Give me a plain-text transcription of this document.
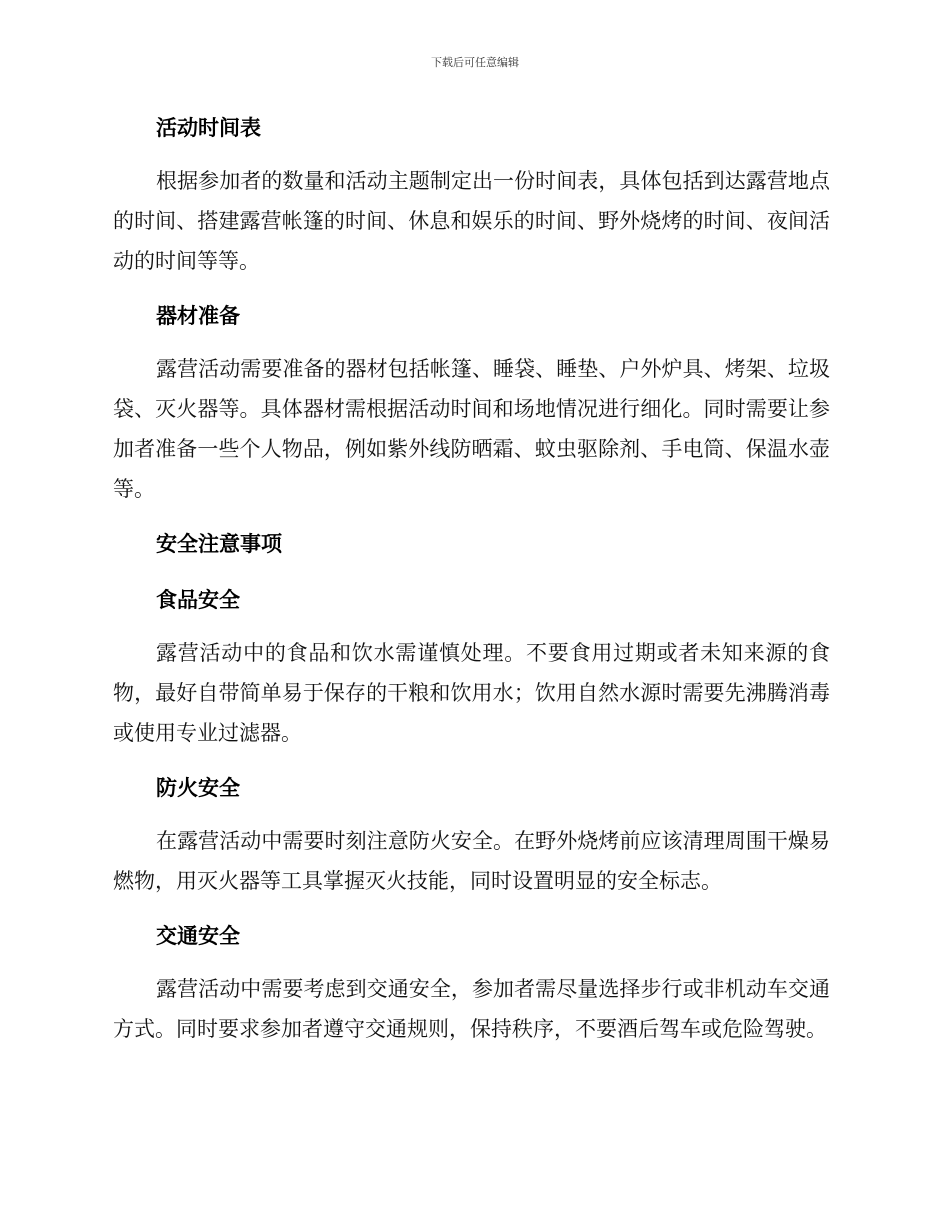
下载后可任意编辑
活动时间表

根据参加者的数量和活动主题制定出一份时间表，具体包括到达露营地点的时间、搭建露营帐篷的时间、休息和娱乐的时间、野外烧烤的时间、夜间活动的时间等等。

器材准备

露营活动需要准备的器材包括帐篷、睡袋、睡垫、户外炉具、烤架、垃圾袋、灭火器等。具体器材需根据活动时间和场地情况进行细化。同时需要让参加者准备一些个人物品，例如紫外线防晒霜、蚊虫驱除剂、手电筒、保温水壶等。

安全注意事项
食品安全

露营活动中的食品和饮水需谨慎处理。不要食用过期或者未知来源的食物，最好自带简单易于保存的干粮和饮用水；饮用自然水源时需要先沸腾消毒或使用专业过滤器。

防火安全

在露营活动中需要时刻注意防火安全。在野外烧烤前应该清理周围干燥易燃物，用灭火器等工具掌握灭火技能，同时设置明显的安全标志。

交通安全

露营活动中需要考虑到交通安全，参加者需尽量选择步行或非机动车交通方式。同时要求参加者遵守交通规则，保持秩序，不要酒后驾车或危险驾驶。
